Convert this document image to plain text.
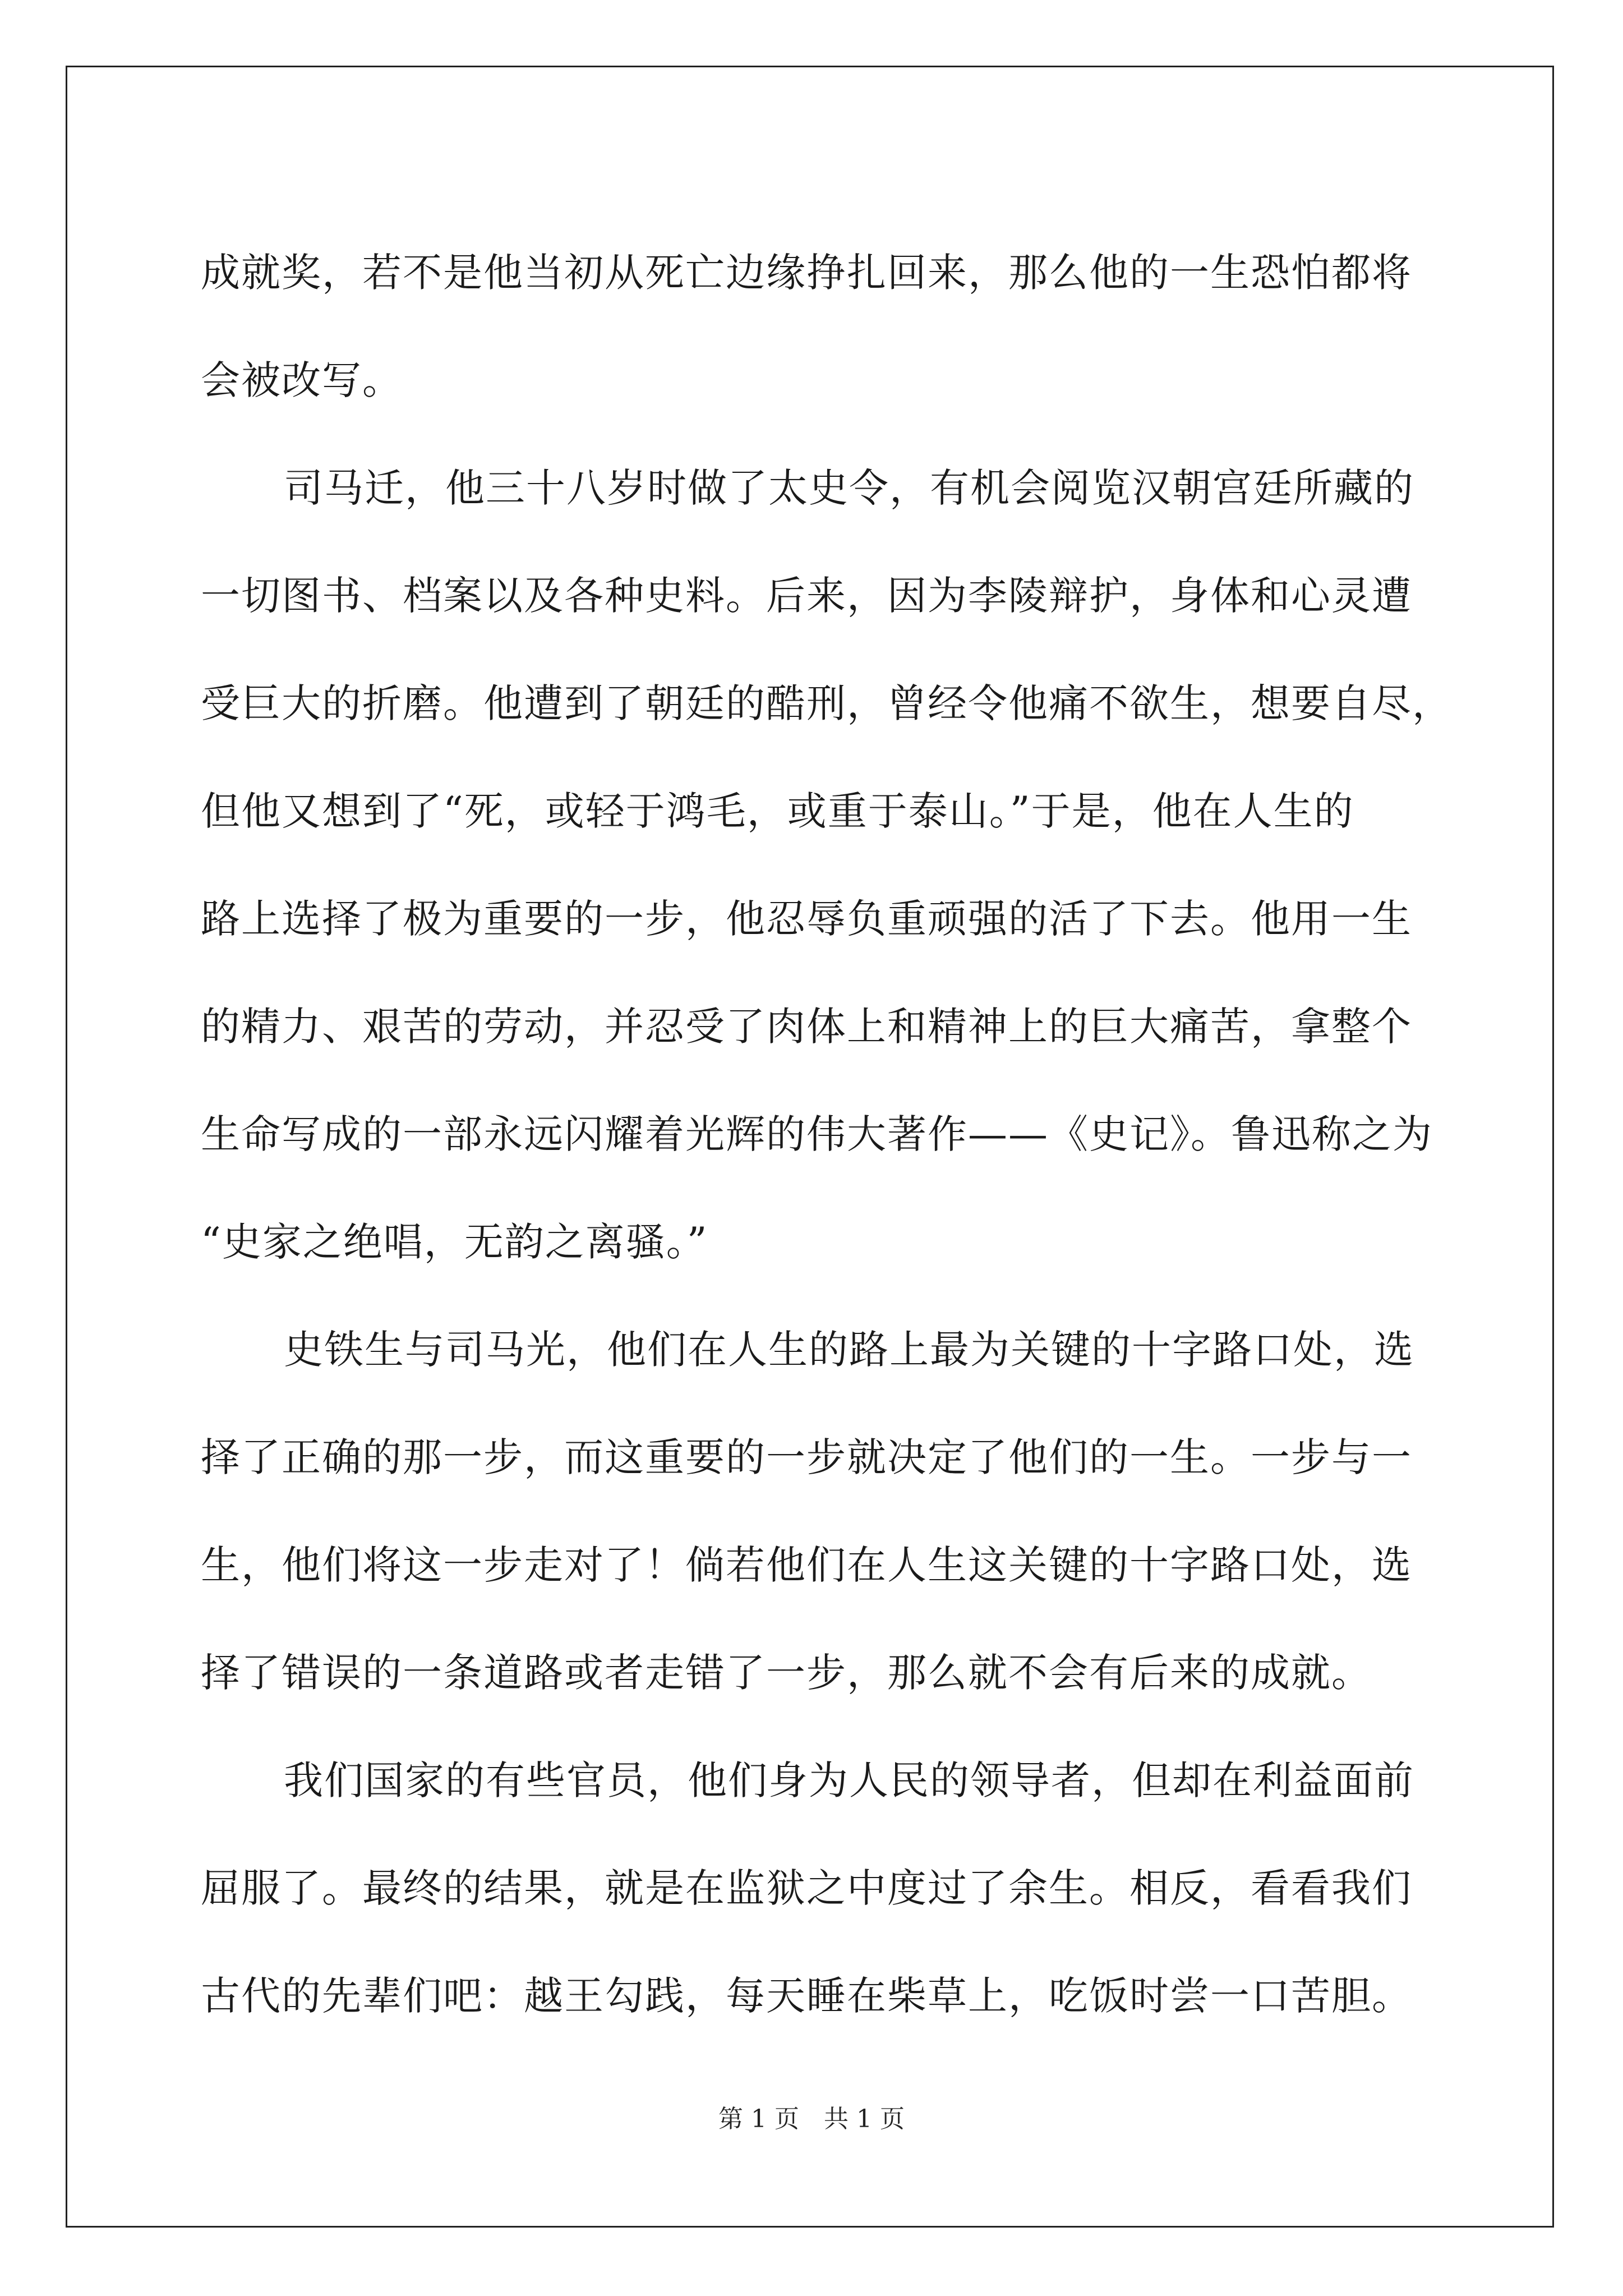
成就奖，若不是他当初从死亡边缘挣扎回来，那么他的一生恐怕都将
会被改写。
司马迁，他三十八岁时做了太史令，有机会阅览汉朝宫廷所藏的
一切图书、档案以及各种史料。后来，因为李陵辩护，身体和心灵遭
受巨大的折磨。他遭到了朝廷的酷刑，曾经令他痛不欲生，想要自尽，
但他又想到了“死，或轻于鸿毛，或重于泰山。”于是，他在人生的
路上选择了极为重要的一步，他忍辱负重顽强的活了下去。他用一生
的精力、艰苦的劳动，并忍受了肉体上和精神上的巨大痛苦，拿整个
生命写成的一部永远闪耀着光辉的伟大著作——《史记》。鲁迅称之为
“史家之绝唱，无韵之离骚。”
史铁生与司马光，他们在人生的路上最为关键的十字路口处，选
择了正确的那一步，而这重要的一步就决定了他们的一生。一步与一
生，他们将这一步走对了！倘若他们在人生这关键的十字路口处，选
择了错误的一条道路或者走错了一步，那么就不会有后来的成就。
我们国家的有些官员，他们身为人民的领导者，但却在利益面前
屈服了。最终的结果，就是在监狱之中度过了余生。相反，看看我们
古代的先辈们吧：越王勾践，每天睡在柴草上，吃饭时尝一口苦胆。
第 1 页　共 1 页
